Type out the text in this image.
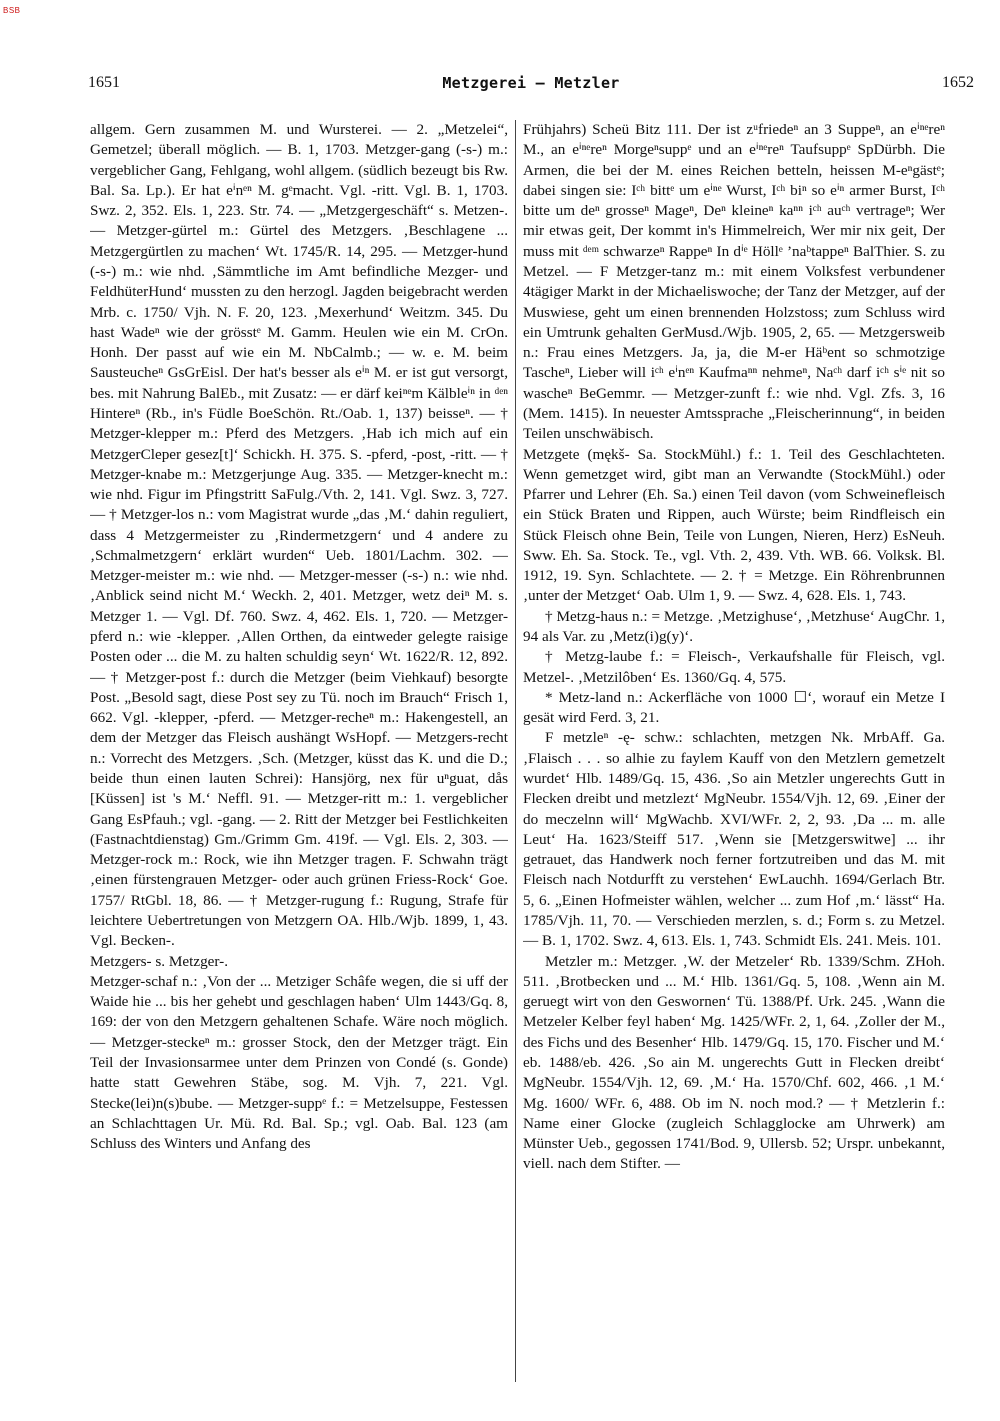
BSB
1651	Metzgerei — Metzler	1652

allgem. Gern zusammen M. und Wursterei. — 2. „Metzelei“, Gemetzel; überall möglich. — B. 1, 1703. Metzger-gang (-s-) m.: vergeblicher Gang, Fehlgang, wohl allgem. (südlich bezeugt bis Rw. Bal. Sa. Lp.). Er hat eⁱnᵉⁿ M. gᵉmacht. Vgl. -ritt. Vgl. B. 1, 1703. Swz. 2, 352. Els. 1, 223. Str. 74. — „Metzgergeschäft“ s. Metzen-. — Metzger-gürtel m.: Gürtel des Metzgers. ‚Beschlagene ... Metzgergürtlen zu machen‘ Wt. 1745/R. 14, 295. — Metzger-hund (-s-) m.: wie nhd. ‚Sämmtliche im Amt befindliche Mezger- und FeldhüterHund‘ mussten zu den herzogl. Jagden beigebracht werden Mrb. c. 1750/ Vjh. N. F. 20, 123. ‚Mexerhund‘ Weitzm. 345. Du hast Wadeⁿ wie der grösstᵉ M. Gamm. Heulen wie ein M. CrOn. Honh. Der passt auf wie ein M. NbCalmb.; — w. e. M. beim Sausteucheⁿ GsGrEisl. Der hat's besser als eⁱⁿ M. er ist gut versorgt, bes. mit Nahrung BalEb., mit Zusatz: — er därf keiⁿᵉm Kälbleⁱⁿ in ᵈᵉⁿ Hintereⁿ (Rb., in's Füdle BoeSchön. Rt./Oab. 1, 137) beisseⁿ. — † Metzger-klepper m.: Pferd des Metzgers. ‚Hab ich mich auf ein MetzgerCleper gesez[t]‘ Schickh. H. 375. S. -pferd, -post, -ritt. — † Metzger-knabe m.: Metzgerjunge Aug. 335. — Metzger-knecht m.: wie nhd. Figur im Pfingstritt SaFulg./Vth. 2, 141. Vgl. Swz. 3, 727. — † Metzger-los n.: vom Magistrat wurde „das ‚M.‘ dahin reguliert, dass 4 Metzgermeister zu ‚Rindermetzgern‘ und 4 andere zu ‚Schmalmetzgern‘ erklärt wurden“ Ueb. 1801/Lachm. 302. — Metzger-meister m.: wie nhd. — Metzger-messer (-s-) n.: wie nhd. ‚Anblick seind nicht M.‘ Weckh. 2, 401. Metzger, wetz deiⁿ M. s. Metzger 1. — Vgl. Df. 760. Swz. 4, 462. Els. 1, 720. — Metzger-pferd n.: wie -klepper. ‚Allen Orthen, da eintweder gelegte raisige Posten oder ... die M. zu halten schuldig seyn‘ Wt. 1622/R. 12, 892. — † Metzger-post f.: durch die Metzger (beim Viehkauf) besorgte Post. „Besold sagt, diese Post sey zu Tü. noch im Brauch“ Frisch 1, 662. Vgl. -klepper, -pferd. — Metzger-recheⁿ m.: Hakengestell, an dem der Metzger das Fleisch aushängt WsHopf. — Metzgers-recht n.: Vorrecht des Metzgers. ‚Sch. (Metzger, küsst das K. und die D.; beide thun einen lauten Schrei): Hansjörg, nex für uⁿguat, dås [Küssen] ist 's M.‘ Neffl. 91. — Metzger-ritt m.: 1. vergeblicher Gang EsPfauh.; vgl. -gang. — 2. Ritt der Metzger bei Festlichkeiten (Fastnachtdienstag) Gm./Grimm Gm. 419f. — Vgl. Els. 2, 303. — Metzger-rock m.: Rock, wie ihn Metzger tragen. F. Schwahn trägt ‚einen fürstengrauen Metzger- oder auch grünen Friess-Rock‘ Goe. 1757/ RtGbl. 18, 86. — † Metzger-rugung f.: Rugung, Strafe für leichtere Uebertretungen von Metzgern OA. Hlb./Wjb. 1899, 1, 43. Vgl. Becken-.

Metzgers- s. Metzger-.

Metzger-schaf n.: ‚Von der ... Metziger Schâfe wegen, die si uff der Waide hie ... bis her gehebt und geschlagen haben‘ Ulm 1443/Gq. 8, 169: der von den Metzgern gehaltenen Schafe. Wäre noch möglich. — Metzger-steckeⁿ m.: grosser Stock, den der Metzger trägt. Ein Teil der Invasionsarmee unter dem Prinzen von Condé (s. Gonde) hatte statt Gewehren Stäbe, sog. M. Vjh. 7, 221. Vgl. Stecke(lei)n(s)bube. — Metzger-suppᵉ f.: = Metzelsuppe, Festessen an Schlachttagen Ur. Mü. Rd. Bal. Sp.; vgl. Oab. Bal. 123 (am Schluss des Winters und Anfang des

Frühjahrs) Scheü Bitz 111. Der ist zᵘfriedeⁿ an 3 Suppeⁿ, an eⁱⁿᵉreⁿ M., an eⁱⁿᵉreⁿ Morgeⁿsuppᵉ und an eⁱⁿᵉreⁿ Taufsuppᵉ SpDürbh. Die Armen, die bei der M. eines Reichen betteln, heissen M-eⁿgästᵉ; dabei singen sie: Iᶜʰ bittᵉ um eⁱⁿᵉ Wurst, Iᶜʰ biⁿ so eⁱⁿ armer Burst, Iᶜʰ bitte um deⁿ grosseⁿ Mageⁿ, Deⁿ kleineⁿ kaⁿⁿ iᶜʰ auᶜʰ vertrageⁿ; Wer mir etwas geit, Der kommt in's Himmelreich, Wer mir nix geit, Der muss mit ᵈᵉᵐ schwarzeⁿ Rappeⁿ In dⁱᵉ Höllᵉ ’naᵇtappeⁿ BalThier. S. zu Metzel. — F Metzger-tanz m.: mit einem Volksfest verbundener 4tägiger Markt in der Michaeliswoche; der Tanz der Metzger, auf der Muswiese, geht um einen brennenden Holzstoss; zum Schluss wird ein Umtrunk gehalten GerMusd./Wjb. 1905, 2, 65. — Metzgersweib n.: Frau eines Metzgers. Ja, ja, die M-er Häᵇent so schmotzige Tascheⁿ, Lieber will iᶜʰ eⁱnᵉⁿ Kaufmaⁿⁿ nehmeⁿ, Naᶜʰ darf iᶜʰ sⁱᵉ nit so wascheⁿ BeGemmr. — Metzger-zunft f.: wie nhd. Vgl. Zfs. 3, 16 (Mem. 1415). In neuester Amtssprache „Fleischerinnung“, in beiden Teilen unschwäbisch.

Metzgete (mękš- Sa. StockMühl.) f.: 1. Teil des Geschlachteten. Wenn gemetzget wird, gibt man an Verwandte (StockMühl.) oder Pfarrer und Lehrer (Eh. Sa.) einen Teil davon (vom Schweinefleisch ein Stück Braten und Rippen, auch Würste; beim Rindfleisch ein Stück Fleisch ohne Bein, Teile von Lungen, Nieren, Herz) EsNeuh. Sww. Eh. Sa. Stock. Te., vgl. Vth. 2, 439. Vth. WB. 66. Volksk. Bl. 1912, 19. Syn. Schlachtete. — 2. † = Metzge. Ein Röhrenbrunnen ‚unter der Metzget‘ Oab. Ulm 1, 9. — Swz. 4, 628. Els. 1, 743.

† Metzg-haus n.: = Metzge. ‚Metzighuse‘, ‚Metzhuse‘ AugChr. 1, 94 als Var. zu ‚Metz(i)g(y)‘.

† Metzg-laube f.: = Fleisch-, Verkaufshalle für Fleisch, vgl. Metzel-. ‚Metzilôben‘ Es. 1360/Gq. 4, 575.

* Metz-land n.: Ackerfläche von 1000 ☐‘, worauf ein Metze I gesät wird Ferd. 3, 21.

F metzleⁿ -ę- schw.: schlachten, metzgen Nk. MrbAff. Ga. ‚Flaisch . . . so alhie zu faylem Kauff von den Metzlern gemetzelt wurdet‘ Hlb. 1489/Gq. 15, 436. ‚So ain Metzler ungerechts Gutt in Flecken dreibt und metzlezt‘ MgNeubr. 1554/Vjh. 12, 69. ‚Einer der do meczelnn will‘ MgWachb. XVI/WFr. 2, 2, 93. ‚Da ... m. alle Leut‘ Ha. 1623/Steiff 517. ‚Wenn sie [Metzgerswitwe] ... ihr getrauet, das Handwerk noch ferner fortzutreiben und das M. mit Fleisch nach Notdurfft zu verstehen‘ EwLauchh. 1694/Gerlach Btr. 5, 6. „Einen Hofmeister wählen, welcher ... zum Hof ‚m.‘ lässt“ Ha. 1785/Vjh. 11, 70. — Verschieden merzlen, s. d.; Form s. zu Metzel. — B. 1, 1702. Swz. 4, 613. Els. 1, 743. Schmidt Els. 241. Meis. 101.

Metzler m.: Metzger. ‚W. der Metzeler‘ Rb. 1339/Schm. ZHoh. 511. ‚Brotbecken und ... M.‘ Hlb. 1361/Gq. 5, 108. ‚Wenn ain M. geruegt wirt von den Geswornen‘ Tü. 1388/Pf. Urk. 245. ‚Wann die Metzeler Kelber feyl haben‘ Mg. 1425/WFr. 2, 1, 64. ‚Zoller der M., des Fichs und des Besenher‘ Hlb. 1479/Gq. 15, 170. Fischer und M.‘ eb. 1488/eb. 426. ‚So ain M. ungerechts Gutt in Flecken dreibt‘ MgNeubr. 1554/Vjh. 12, 69. ‚M.‘ Ha. 1570/Chf. 602, 466. ‚1 M.‘ Mg. 1600/ WFr. 6, 488. Ob im N. noch mod.? — † Metzlerin f.: Name einer Glocke (zugleich Schlagglocke am Uhrwerk) am Münster Ueb., gegossen 1741/Bod. 9, Ullersb. 52; Urspr. unbekannt, viell. nach dem Stifter. —
